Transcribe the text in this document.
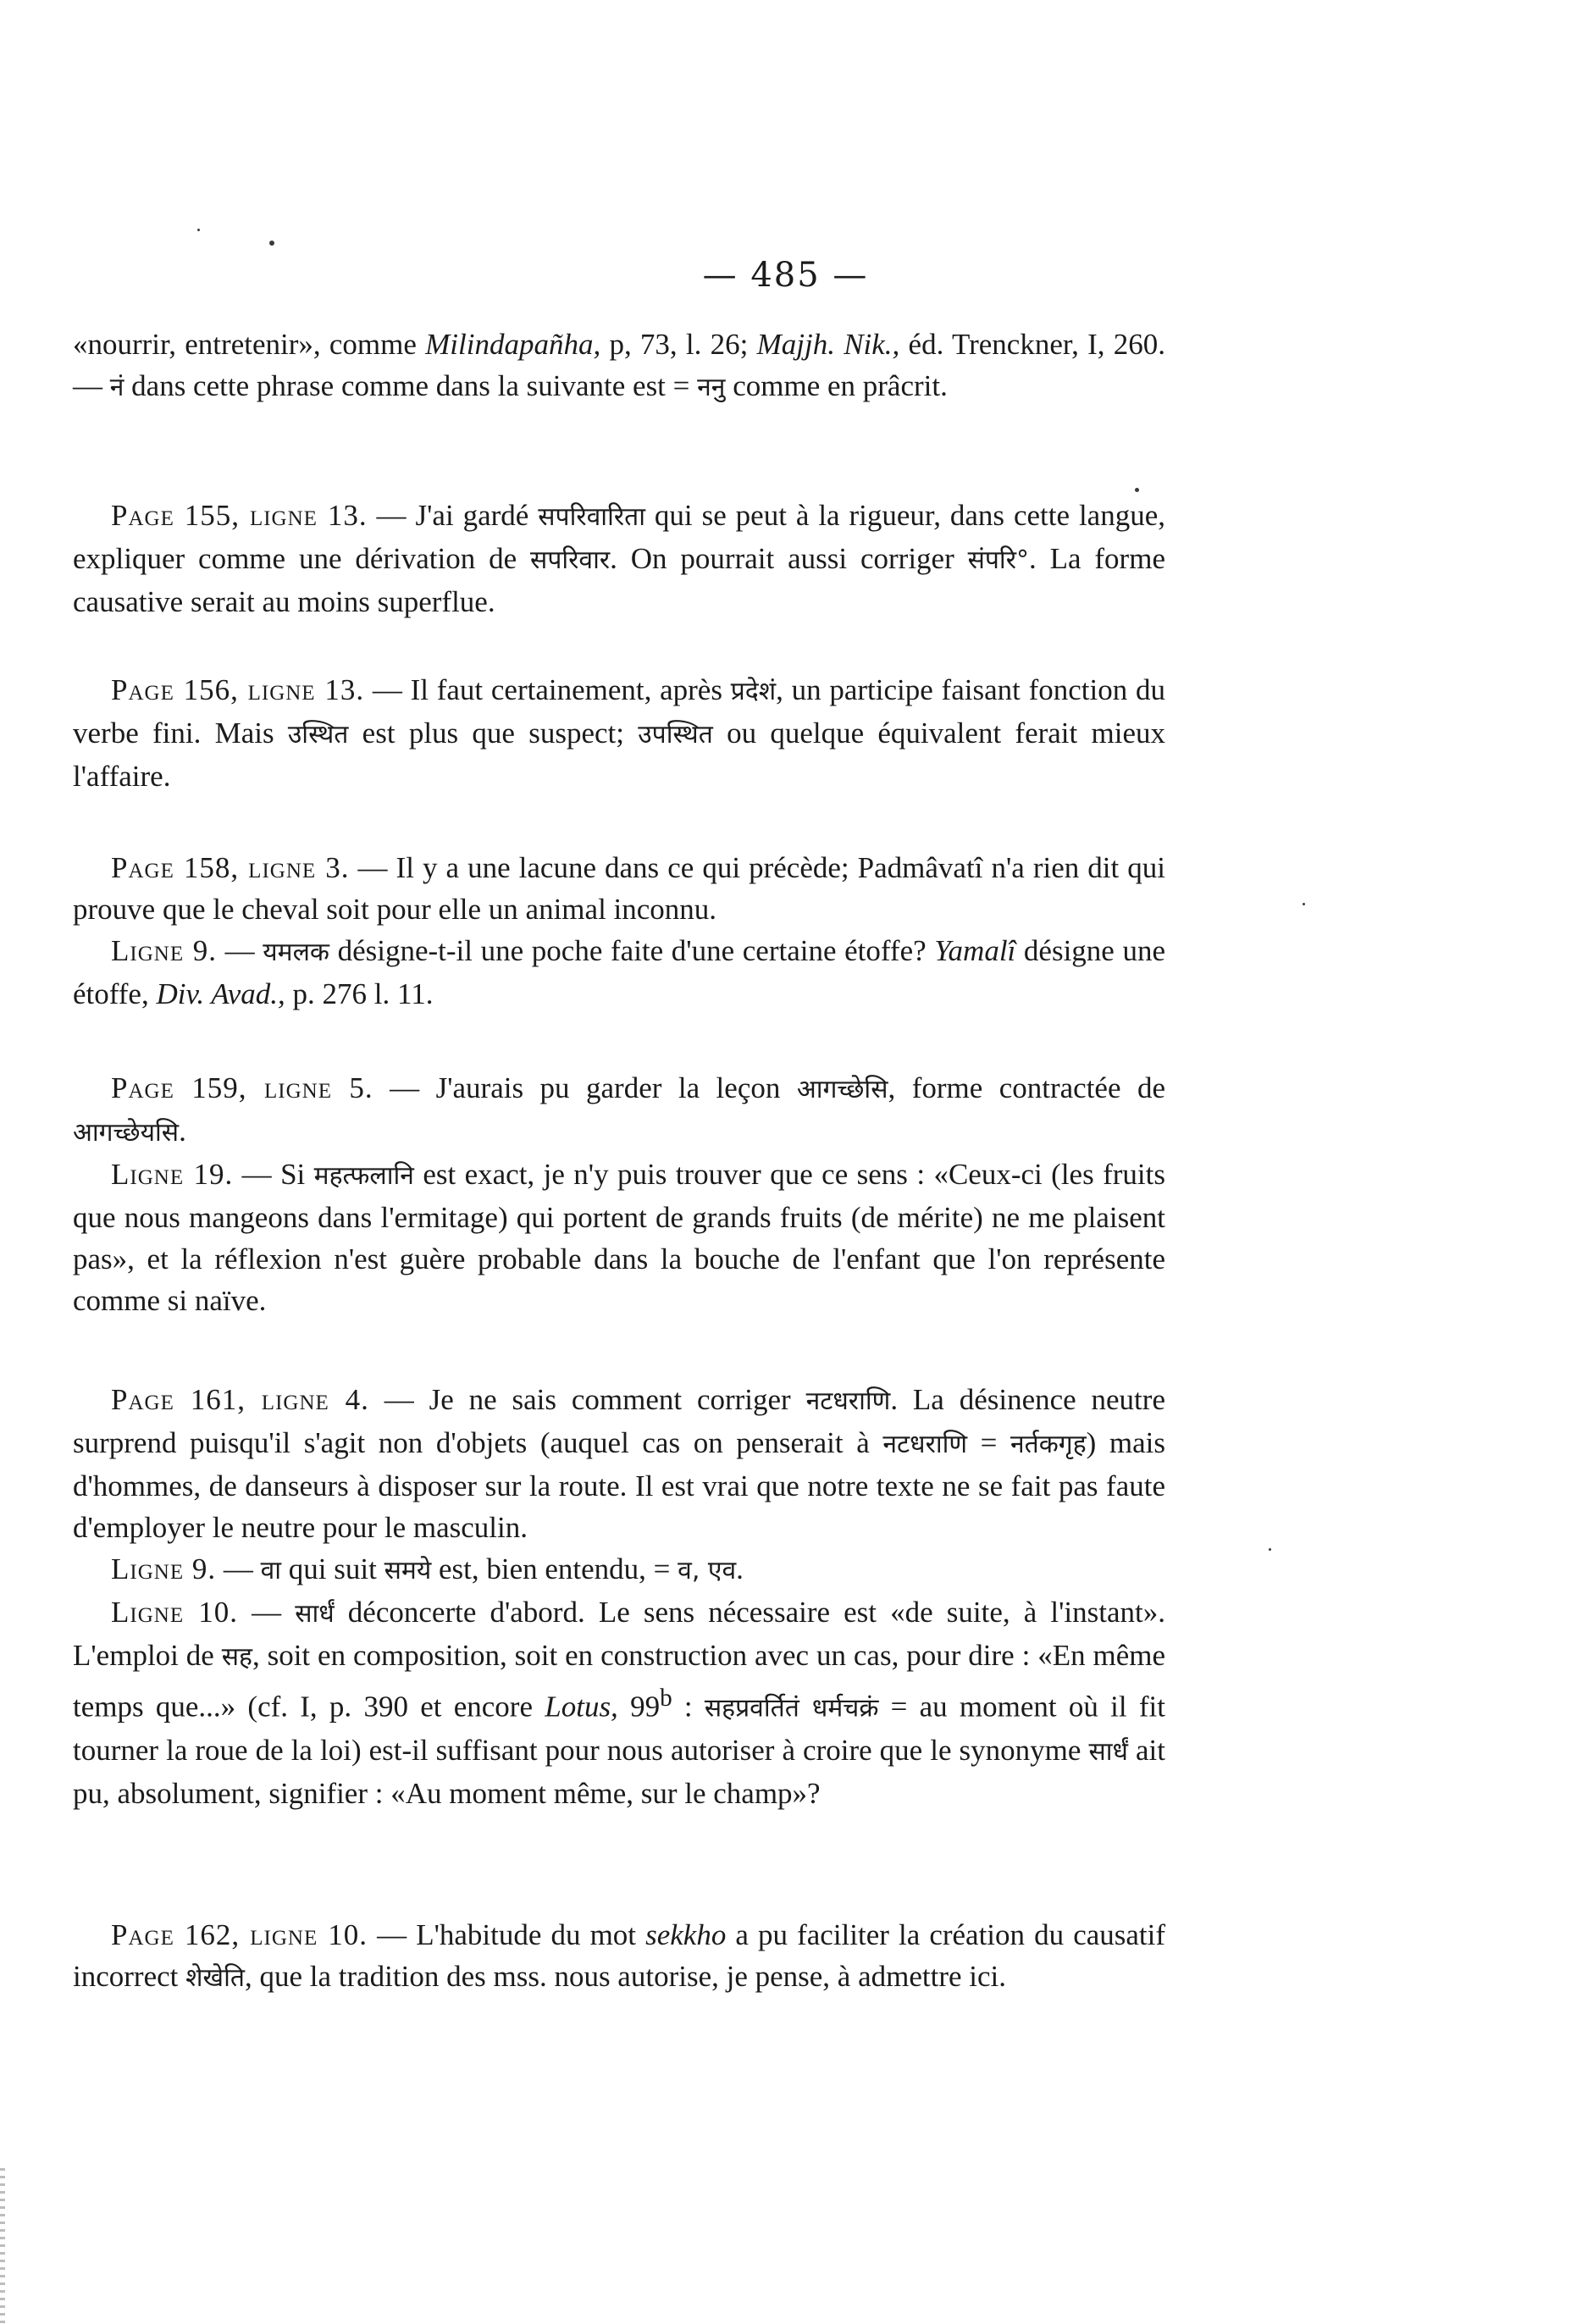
— 485 —

«nourrir, entretenir», comme Milindapañha, p, 73, l. 26; Majjh. Nik., éd. Trenckner, I, 260. — नं dans cette phrase comme dans la suivante est = ननु comme en prâcrit.

Page 155, ligne 13. — J'ai gardé सपरिवारिता qui se peut à la rigueur, dans cette langue, expliquer comme une dérivation de सपरिवार. On pourrait aussi corriger संपरि°. La forme causative serait au moins superflue.

Page 156, ligne 13. — Il faut certainement, après प्रदेशं, un participe faisant fonction du verbe fini. Mais उस्थित est plus que suspect; उपस्थित ou quelque équivalent ferait mieux l'affaire.

Page 158, ligne 3. — Il y a une lacune dans ce qui précède; Padmâvatî n'a rien dit qui prouve que le cheval soit pour elle un animal inconnu.

Ligne 9. — यमलक désigne-t-il une poche faite d'une certaine étoffe? Yamalî désigne une étoffe, Div. Avad., p. 276 l. 11.

Page 159, ligne 5. — J'aurais pu garder la leçon आगच्छेसि, forme contractée de आगच्छेयसि.

Ligne 19. — Si महत्फलानि est exact, je n'y puis trouver que ce sens : «Ceux-ci (les fruits que nous mangeons dans l'ermitage) qui portent de grands fruits (de mérite) ne me plaisent pas», et la réflexion n'est guère probable dans la bouche de l'enfant que l'on représente comme si naïve.

Page 161, ligne 4. — Je ne sais comment corriger नटधराणि. La désinence neutre surprend puisqu'il s'agit non d'objets (auquel cas on penserait à नटधराणि = नर्तकगृह) mais d'hommes, de danseurs à disposer sur la route. Il est vrai que notre texte ne se fait pas faute d'employer le neutre pour le masculin.

Ligne 9. — वा qui suit समये est, bien entendu, = व, एव.

Ligne 10. — सार्धं déconcerte d'abord. Le sens nécessaire est «de suite, à l'instant». L'emploi de सह, soit en composition, soit en construction avec un cas, pour dire : «En même temps que...» (cf. I, p. 390 et encore Lotus, 99$^b$ : सहप्रवर्तितं धर्मचक्रं = au moment où il fit tourner la roue de la loi) est-il suffisant pour nous autoriser à croire que le synonyme सार्धं ait pu, absolument, signifier : «Au moment même, sur le champ»?

Page 162, ligne 10. — L'habitude du mot sekkho a pu faciliter la création du causatif incorrect शेखेति, que la tradition des mss. nous autorise, je pense, à admettre ici.
